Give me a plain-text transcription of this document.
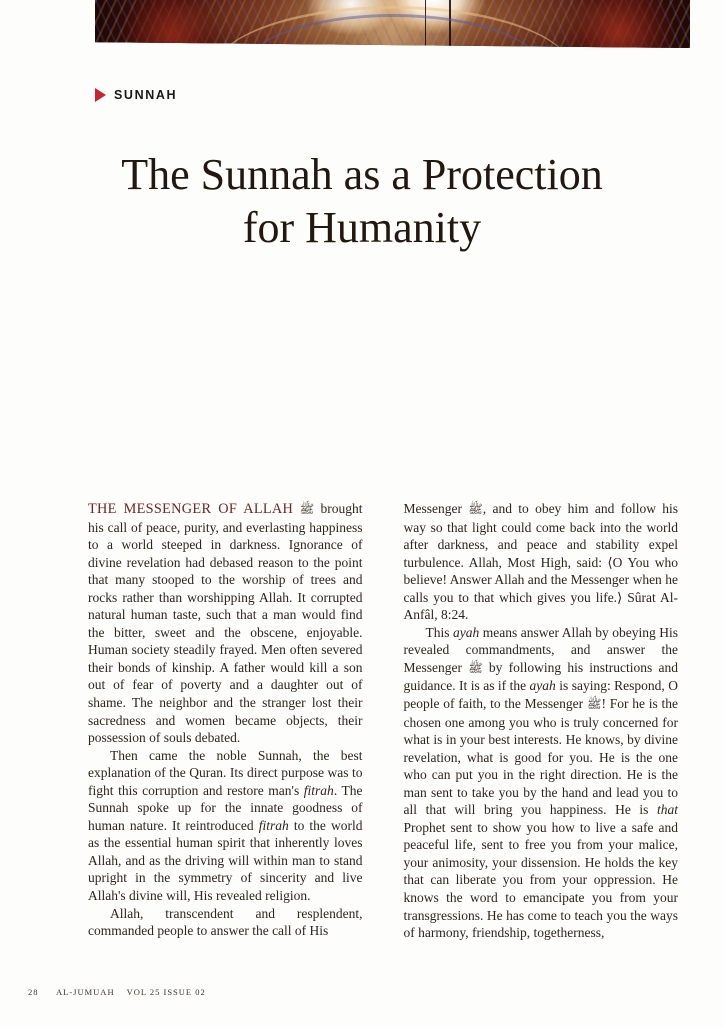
SUNNAH
The Sunnah as a Protection
for Humanity

THE MESSENGER OF ALLAH ﷺ brought his call of peace, purity, and everlasting happiness to a world steeped in darkness. Ignorance of divine revelation had debased reason to the point that many stooped to the worship of trees and rocks rather than worshipping Allah. It corrupted natural human taste, such that a man would find the bitter, sweet and the obscene, enjoyable. Human society steadily frayed. Men often severed their bonds of kinship. A father would kill a son out of fear of poverty and a daughter out of shame. The neighbor and the stranger lost their sacredness and women became objects, their possession of souls debated.

Then came the noble Sunnah, the best explanation of the Quran. Its direct purpose was to fight this corruption and restore man's fitrah. The Sunnah spoke up for the innate goodness of human nature. It reintroduced fitrah to the world as the essential human spirit that inherently loves Allah, and as the driving will within man to stand upright in the symmetry of sincerity and live Allah's divine will, His revealed religion.

Allah, transcendent and resplendent, commanded people to answer the call of His

Messenger ﷺ, and to obey him and follow his way so that light could come back into the world after darkness, and peace and stability expel turbulence. Allah, Most High, said: ⟨O You who believe! Answer Allah and the Messenger when he calls you to that which gives you life.⟩ Sûrat Al-Anfâl, 8:24.

This ayah means answer Allah by obeying His revealed commandments, and answer the Messenger ﷺ by following his instructions and guidance. It is as if the ayah is saying: Respond, O people of faith, to the Messenger ﷺ! For he is the chosen one among you who is truly concerned for what is in your best interests. He knows, by divine revelation, what is good for you. He is the one who can put you in the right direction. He is the man sent to take you by the hand and lead you to all that will bring you happiness. He is that Prophet sent to show you how to live a safe and peaceful life, sent to free you from your malice, your animosity, your dissension. He holds the key that can liberate you from your oppression. He knows the word to emancipate you from your transgressions. He has come to teach you the ways of harmony, friendship, togetherness,

28 AL-JUMUAH VOL 25 ISSUE 02
